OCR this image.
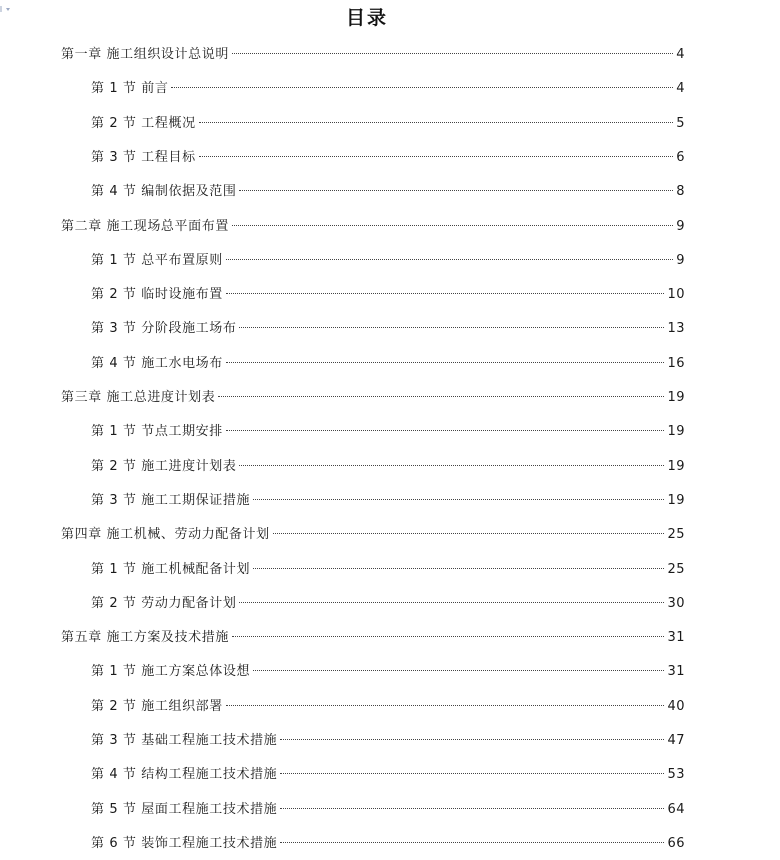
目录
第一章 施工组织设计总说明	4
第 1 节 前言	4
第 2 节 工程概况	5
第 3 节 工程目标	6
第 4 节 编制依据及范围	8
第二章 施工现场总平面布置	9
第 1 节 总平布置原则	9
第 2 节 临时设施布置	10
第 3 节 分阶段施工场布	13
第 4 节 施工水电场布	16
第三章 施工总进度计划表	19
第 1 节 节点工期安排	19
第 2 节 施工进度计划表	19
第 3 节 施工工期保证措施	19
第四章 施工机械、劳动力配备计划	25
第 1 节 施工机械配备计划	25
第 2 节 劳动力配备计划	30
第五章 施工方案及技术措施	31
第 1 节 施工方案总体设想	31
第 2 节 施工组织部署	40
第 3 节 基础工程施工技术措施	47
第 4 节 结构工程施工技术措施	53
第 5 节 屋面工程施工技术措施	64
第 6 节 装饰工程施工技术措施	66
